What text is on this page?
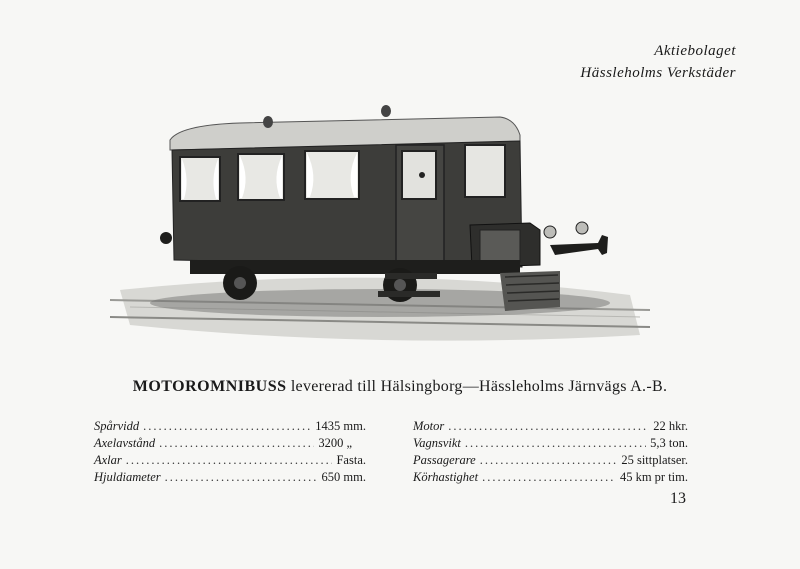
Aktiebolaget
Hässleholms Verkstäder
MOTOROMNIBUSS levererad till Hälsingborg—Hässleholms Järnvägs A.-B.
Spårvidd .....	1435 mm.
Axelavstånd .....	3200 „
Axlar .....	Fasta.
Hjuldiameter .....	650 mm.
Motor .....	22 hkr.
Vagnsvikt .....	5,3 ton.
Passagerare .....	25 sittplatser.
Körhastighet .....	45 km pr tim.
13
